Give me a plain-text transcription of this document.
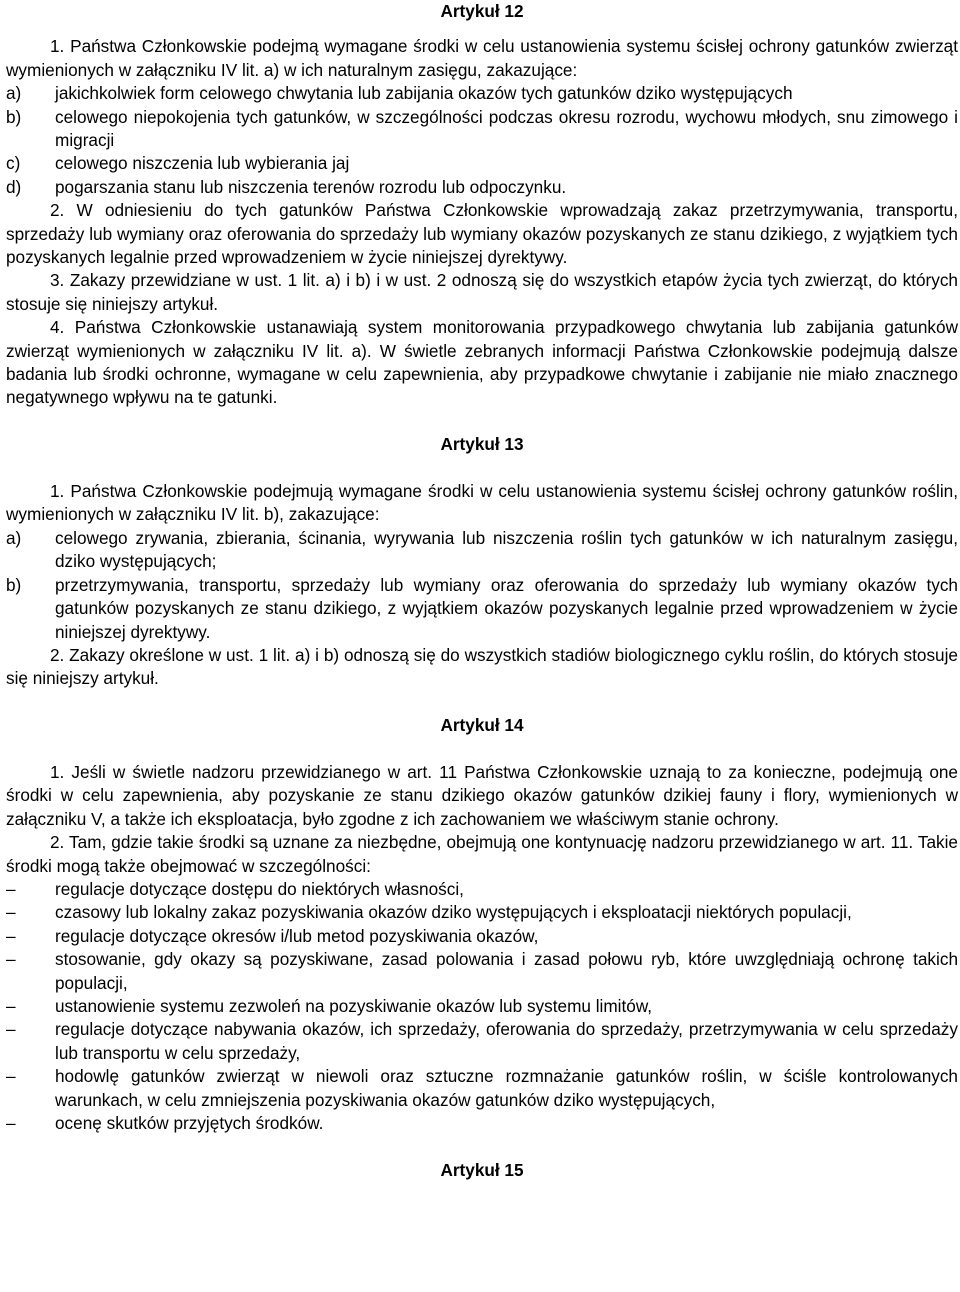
Artykuł 12

1. Państwa Członkowskie podejmą wymagane środki w celu ustanowienia systemu ścisłej ochrony gatunków zwierząt wymienionych w załączniku IV lit. a) w ich naturalnym zasięgu, zakazujące:

a) jakichkolwiek form celowego chwytania lub zabijania okazów tych gatunków dziko występujących
b) celowego niepokojenia tych gatunków, w szczególności podczas okresu rozrodu, wychowu młodych, snu zimowego i migracji
c) celowego niszczenia lub wybierania jaj
d) pogarszania stanu lub niszczenia terenów rozrodu lub odpoczynku.

2. W odniesieniu do tych gatunków Państwa Członkowskie wprowadzają zakaz przetrzymywania, transportu, sprzedaży lub wymiany oraz oferowania do sprzedaży lub wymiany okazów pozyskanych ze stanu dzikiego, z wyjątkiem tych pozyskanych legalnie przed wprowadzeniem w życie niniejszej dyrektywy.

3. Zakazy przewidziane w ust. 1 lit. a) i b) i w ust. 2 odnoszą się do wszystkich etapów życia tych zwierząt, do których stosuje się niniejszy artykuł.

4. Państwa Członkowskie ustanawiają system monitorowania przypadkowego chwytania lub zabijania gatunków zwierząt wymienionych w załączniku IV lit. a). W świetle zebranych informacji Państwa Członkowskie podejmują dalsze badania lub środki ochronne, wymagane w celu zapewnienia, aby przypadkowe chwytanie i zabijanie nie miało znacznego negatywnego wpływu na te gatunki.

Artykuł 13

1. Państwa Członkowskie podejmują wymagane środki w celu ustanowienia systemu ścisłej ochrony gatunków roślin, wymienionych w załączniku IV lit. b), zakazujące:

a) celowego zrywania, zbierania, ścinania, wyrywania lub niszczenia roślin tych gatunków w ich naturalnym zasięgu, dziko występujących;
b) przetrzymywania, transportu, sprzedaży lub wymiany oraz oferowania do sprzedaży lub wymiany okazów tych gatunków pozyskanych ze stanu dzikiego, z wyjątkiem okazów pozyskanych legalnie przed wprowadzeniem w życie niniejszej dyrektywy.

2. Zakazy określone w ust. 1 lit. a) i b) odnoszą się do wszystkich stadiów biologicznego cyklu roślin, do których stosuje się niniejszy artykuł.

Artykuł 14

1. Jeśli w świetle nadzoru przewidzianego w art. 11 Państwa Członkowskie uznają to za konieczne, podejmują one środki w celu zapewnienia, aby pozyskanie ze stanu dzikiego okazów gatunków dzikiej fauny i flory, wymienionych w załączniku V, a także ich eksploatacja, było zgodne z ich zachowaniem we właściwym stanie ochrony.

2. Tam, gdzie takie środki są uznane za niezbędne, obejmują one kontynuację nadzoru przewidzianego w art. 11. Takie środki mogą także obejmować w szczególności:

– regulacje dotyczące dostępu do niektórych własności,
– czasowy lub lokalny zakaz pozyskiwania okazów dziko występujących i eksploatacji niektórych populacji,
– regulacje dotyczące okresów i/lub metod pozyskiwania okazów,
– stosowanie, gdy okazy są pozyskiwane, zasad polowania i zasad połowu ryb, które uwzględniają ochronę takich populacji,
– ustanowienie systemu zezwoleń na pozyskiwanie okazów lub systemu limitów,
– regulacje dotyczące nabywania okazów, ich sprzedaży, oferowania do sprzedaży, przetrzymywania w celu sprzedaży lub transportu w celu sprzedaży,
– hodowlę gatunków zwierząt w niewoli oraz sztuczne rozmnażanie gatunków roślin, w ściśle kontrolowanych warunkach, w celu zmniejszenia pozyskiwania okazów gatunków dziko występujących,
– ocenę skutków przyjętych środków.
Artykuł 15
